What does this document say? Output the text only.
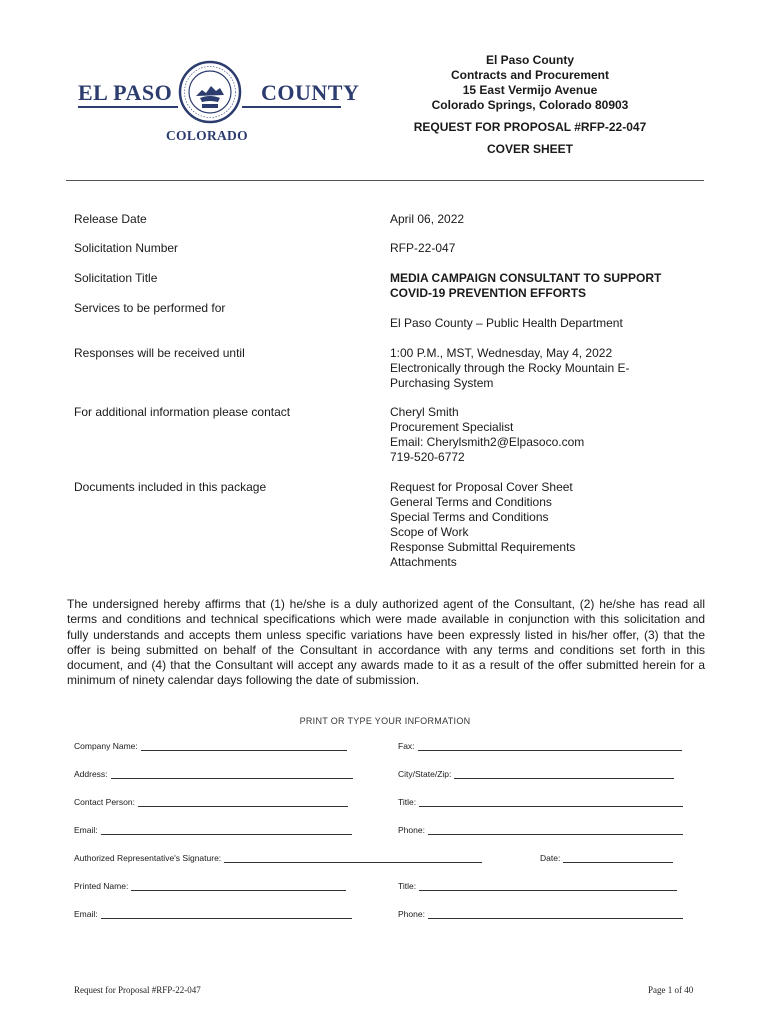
EL PASO	COUNTY
COLORADO
El Paso County
Contracts and Procurement
15 East Vermijo Avenue
Colorado Springs, Colorado 80903
REQUEST FOR PROPOSAL #RFP-22-047
COVER SHEET
Release Date	April 06, 2022
Solicitation Number	RFP-22-047
Solicitation Title	MEDIA CAMPAIGN CONSULTANT TO SUPPORT
COVID-19 PREVENTION EFFORTS
Services to be performed for
El Paso County – Public Health Department
Responses will be received until	1:00 P.M., MST, Wednesday, May 4, 2022
Electronically through the Rocky Mountain E-
Purchasing System
For additional information please contact	Cheryl Smith
Procurement Specialist
Email: Cherylsmith2@Elpasoco.com
719-520-6772
Documents included in this package	Request for Proposal Cover Sheet
General Terms and Conditions
Special Terms and Conditions
Scope of Work
Response Submittal Requirements
Attachments
The undersigned hereby affirms that (1) he/she is a duly authorized agent of the Consultant, (2) he/she has read all terms and conditions and technical specifications which were made available in conjunction with this solicitation and fully understands and accepts them unless specific variations have been expressly listed in his/her offer, (3) that the offer is being submitted on behalf of the Consultant in accordance with any terms and conditions set forth in this document, and (4) that the Consultant will accept any awards made to it as a result of the offer submitted herein for a minimum of ninety calendar days following the date of submission.
PRINT OR TYPE YOUR INFORMATION
Company Name:	Fax:
Address:	City/State/Zip:
Contact Person:	Title:
Email:	Phone:
Authorized Representative's Signature:	Date:
Printed Name:	Title:
Email:	Phone:
Request for Proposal #RFP-22-047	Page 1 of 40
